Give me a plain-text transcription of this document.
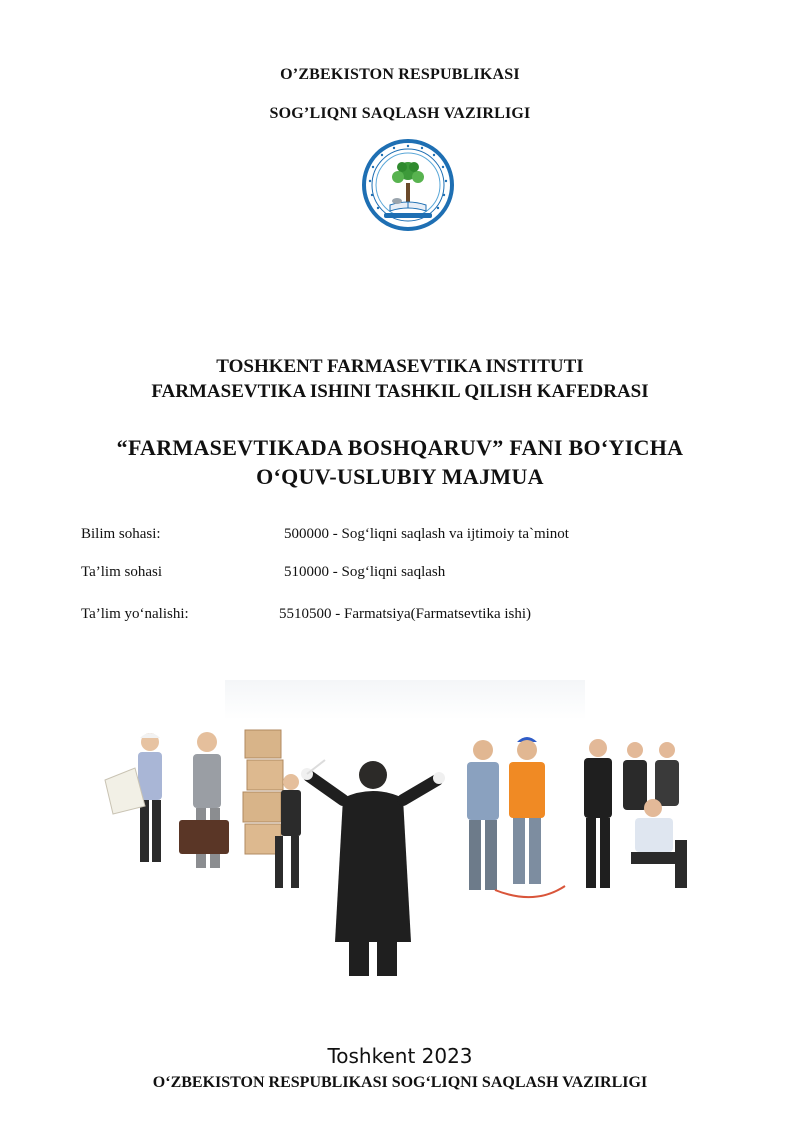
O’ZBEKISTON RESPUBLIKASI
SOG’LIQNI SAQLASH VAZIRLIGI
TOSHKENT FARMASEVTIKA INSTITUTI
FARMASEVTIKA ISHINI TASHKIL QILISH KAFEDRASI
“FARMASEVTIKADA BOSHQARUV” FANI BO‘YICHA
O‘QUV-USLUBIY MAJMUA
Bilim sohasi:	500000 - Sog‘liqni saqlash va ijtimoiy ta`minot
Ta’lim sohasi	510000 - Sog‘liqni saqlash
Ta’lim yo‘nalishi:	5510500 - Farmatsiya(Farmatsevtika ishi)
Toshkent 2023
O‘ZBEKISTON RESPUBLIKASI SOG‘LIQNI SAQLASH VAZIRLIGI
